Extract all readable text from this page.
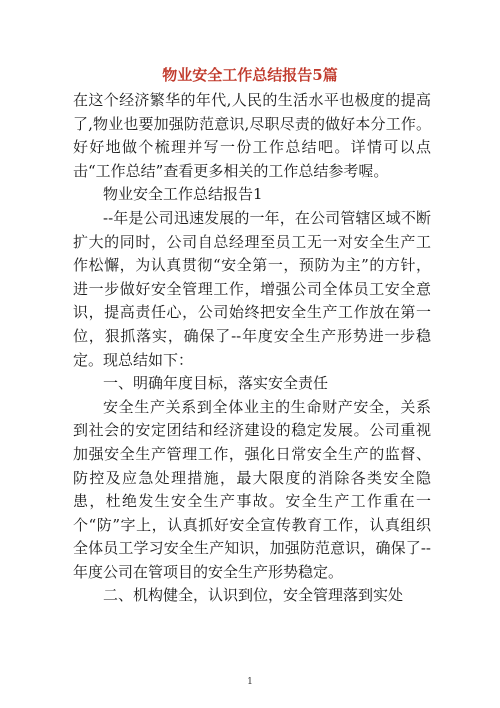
物业安全工作总结报告5篇

在这个经济繁华的年代,人民的生活水平也极度的提高了,物业也要加强防范意识,尽职尽责的做好本分工作。好好地做个梳理并写一份工作总结吧。详情可以点击“工作总结”查看更多相关的工作总结参考喔。

物业安全工作总结报告1

--年是公司迅速发展的一年，在公司管辖区域不断扩大的同时，公司自总经理至员工无一对安全生产工作松懈，为认真贯彻“安全第一，预防为主”的方针，进一步做好安全管理工作，增强公司全体员工安全意识，提高责任心，公司始终把安全生产工作放在第一位，狠抓落实，确保了--年度安全生产形势进一步稳定。现总结如下：

一、明确年度目标，落实安全责任

安全生产关系到全体业主的生命财产安全，关系到社会的安定团结和经济建设的稳定发展。公司重视加强安全生产管理工作，强化日常安全生产的监督、防控及应急处理措施，最大限度的消除各类安全隐患，杜绝发生安全生产事故。安全生产工作重在一个“防”字上，认真抓好安全宣传教育工作，认真组织全体员工学习安全生产知识，加强防范意识，确保了--年度公司在管项目的安全生产形势稳定。

二、机构健全，认识到位，安全管理落到实处

1
